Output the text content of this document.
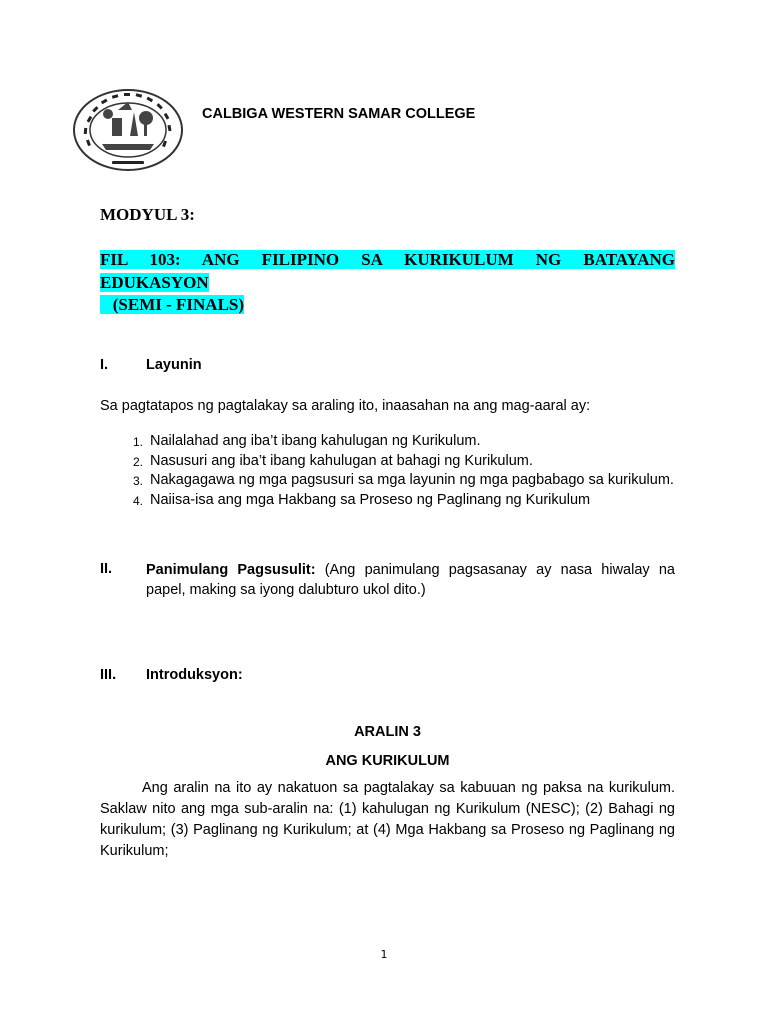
CALBIGA WESTERN SAMAR COLLEGE
MODYUL 3:
FIL 103: ANG FILIPINO SA KURIKULUM NG BATAYANG
EDUKASYON
(SEMI - FINALS)
I.	Layunin
Sa pagtatapos ng pagtalakay sa araling ito, inaasahan na ang mag-aaral ay:
1. Nailalahad ang iba’t ibang kahulugan ng Kurikulum.
2. Nasusuri ang iba’t ibang kahulugan at bahagi ng Kurikulum.
3. Nakagagawa ng mga pagsusuri sa mga layunin ng mga pagbabago sa kurikulum.
4. Naiisa-isa ang mga Hakbang sa Proseso ng Paglinang ng Kurikulum
II. Panimulang Pagsusulit: (Ang panimulang pagsasanay ay nasa hiwalay na papel, making sa iyong dalubturo ukol dito.)
III. Introduksyon:
ARALIN 3
ANG KURIKULUM
Ang aralin na ito ay nakatuon sa pagtalakay sa kabuuan ng paksa na kurikulum. Saklaw nito ang mga sub-aralin na: (1) kahulugan ng Kurikulum (NESC); (2) Bahagi ng kurikulum; (3) Paglinang ng Kurikulum; at (4) Mga Hakbang sa Proseso ng Paglinang ng Kurikulum;
1
